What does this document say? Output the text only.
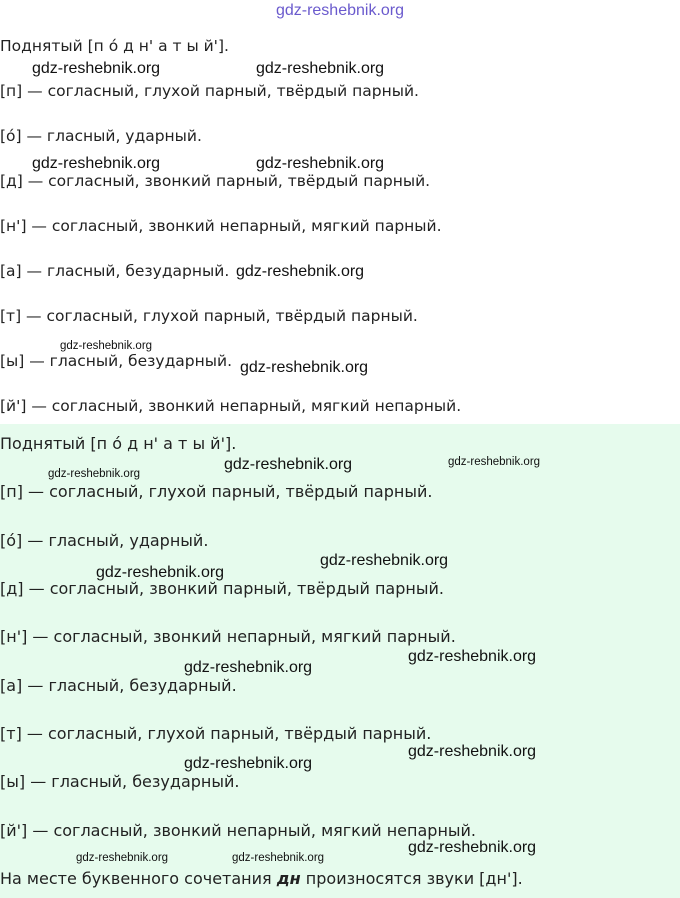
gdz-reshebnik.org
Поднятый [п о́ д н' а т ы й'].
[п] — согласный, глухой парный, твёрдый парный.
[о́] — гласный, ударный.
[д] — согласный, звонкий парный, твёрдый парный.
[н'] — согласный, звонкий непарный, мягкий парный.
[а] — гласный, безударный.
[т] — согласный, глухой парный, твёрдый парный.
[ы] — гласный, безударный.
[й'] — согласный, звонкий непарный, мягкий непарный.
Поднятый [п о́ д н' а т ы й'].
[п] — согласный, глухой парный, твёрдый парный.
[о́] — гласный, ударный.
[д] — согласный, звонкий парный, твёрдый парный.
[н'] — согласный, звонкий непарный, мягкий парный.
[а] — гласный, безударный.
[т] — согласный, глухой парный, твёрдый парный.
[ы] — гласный, безударный.
[й'] — согласный, звонкий непарный, мягкий непарный.
На месте буквенного сочетания дн произносятся звуки [дн'].
gdz-reshebnik.org	gdz-reshebnik.org
gdz-reshebnik.org	gdz-reshebnik.org
gdz-reshebnik.org
gdz-reshebnik.org
gdz-reshebnik.org
gdz-reshebnik.org
gdz-reshebnik.org	gdz-reshebnik.org
gdz-reshebnik.org
gdz-reshebnik.org
gdz-reshebnik.org
gdz-reshebnik.org
gdz-reshebnik.org
gdz-reshebnik.org
gdz-reshebnik.org
gdz-reshebnik.org	gdz-reshebnik.org
